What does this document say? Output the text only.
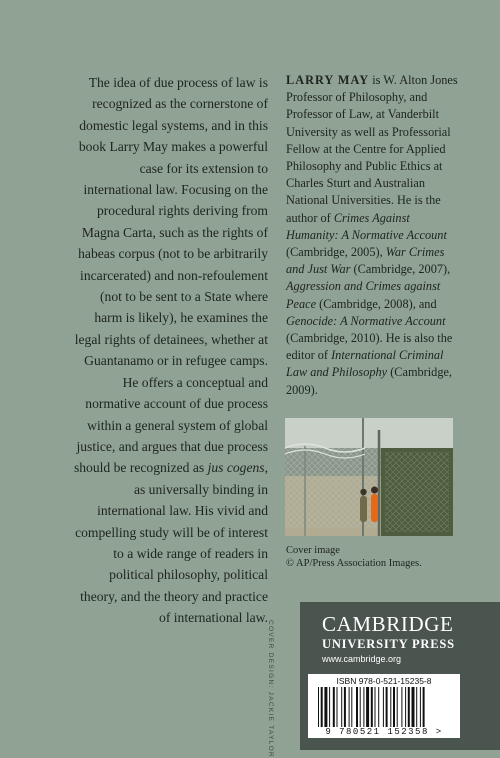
The idea of due process of law is recognized as the cornerstone of domestic legal systems, and in this book Larry May makes a powerful case for its extension to international law. Focusing on the procedural rights deriving from Magna Carta, such as the rights of habeas corpus (not to be arbitrarily incarcerated) and non-refoulement (not to be sent to a State where harm is likely), he examines the legal rights of detainees, whether at Guantanamo or in refugee camps. He offers a conceptual and normative account of due process within a general system of global justice, and argues that due process should be recognized as jus cogens, as universally binding in international law. His vivid and compelling study will be of interest to a wide range of readers in political philosophy, political theory, and the theory and practice of international law.
LARRY MAY is W. Alton Jones Professor of Philosophy, and Professor of Law, at Vanderbilt University as well as Professorial Fellow at the Centre for Applied Philosophy and Public Ethics at Charles Sturt and Australian National Universities. He is the author of Crimes Against Humanity: A Normative Account (Cambridge, 2005), War Crimes and Just War (Cambridge, 2007), Aggression and Crimes against Peace (Cambridge, 2008), and Genocide: A Normative Account (Cambridge, 2010). He is also the editor of International Criminal Law and Philosophy (Cambridge, 2009).
Cover image
© AP/Press Association Images.
COVER DESIGN: JACKIE TAYLOR CAMBRIDGE
UNIVERSITY PRESS
www.cambridge.org
ISBN 978-0-521-15235-8
9 780521 152358 >
